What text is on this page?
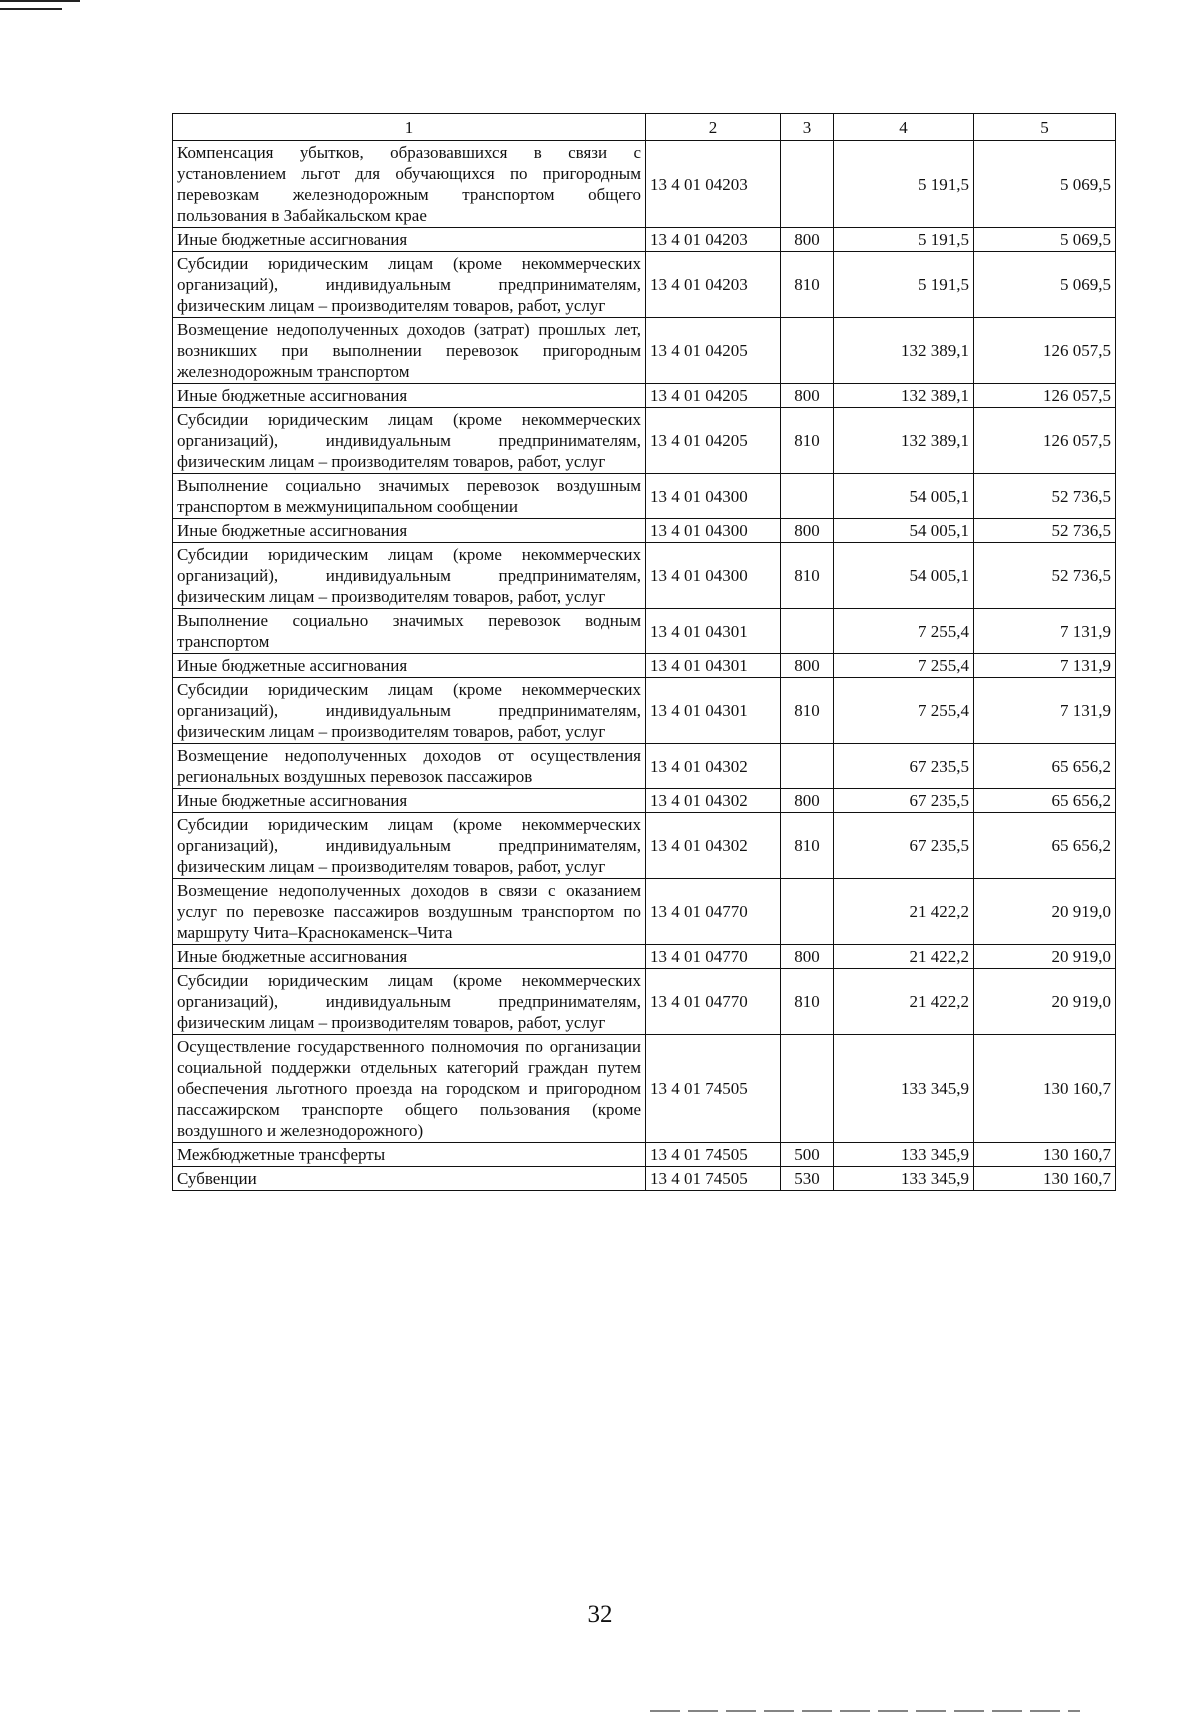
1	2	3	4	5
Компенсация убытков, образовавшихся в связи с установлением льгот для обучающихся по пригородным перевозкам железнодорожным транспортом общего пользования в Забайкальском крае	13 4 01 04203		5 191,5	5 069,5
Иные бюджетные ассигнования	13 4 01 04203	800	5 191,5	5 069,5
Субсидии юридическим лицам (кроме некоммерческих организаций), индивидуальным предпринимателям, физическим лицам – производителям товаров, работ, услуг	13 4 01 04203	810	5 191,5	5 069,5
Возмещение недополученных доходов (затрат) прошлых лет, возникших при выполнении перевозок пригородным железнодорожным транспортом	13 4 01 04205		132 389,1	126 057,5
Иные бюджетные ассигнования	13 4 01 04205	800	132 389,1	126 057,5
Субсидии юридическим лицам (кроме некоммерческих организаций), индивидуальным предпринимателям, физическим лицам – производителям товаров, работ, услуг	13 4 01 04205	810	132 389,1	126 057,5
Выполнение социально значимых перевозок воздушным транспортом в межмуниципальном сообщении	13 4 01 04300		54 005,1	52 736,5
Иные бюджетные ассигнования	13 4 01 04300	800	54 005,1	52 736,5
Субсидии юридическим лицам (кроме некоммерческих организаций), индивидуальным предпринимателям, физическим лицам – производителям товаров, работ, услуг	13 4 01 04300	810	54 005,1	52 736,5
Выполнение социально значимых перевозок водным транспортом	13 4 01 04301		7 255,4	7 131,9
Иные бюджетные ассигнования	13 4 01 04301	800	7 255,4	7 131,9
Субсидии юридическим лицам (кроме некоммерческих организаций), индивидуальным предпринимателям, физическим лицам – производителям товаров, работ, услуг	13 4 01 04301	810	7 255,4	7 131,9
Возмещение недополученных доходов от осуществления региональных воздушных перевозок пассажиров	13 4 01 04302		67 235,5	65 656,2
Иные бюджетные ассигнования	13 4 01 04302	800	67 235,5	65 656,2
Субсидии юридическим лицам (кроме некоммерческих организаций), индивидуальным предпринимателям, физическим лицам – производителям товаров, работ, услуг	13 4 01 04302	810	67 235,5	65 656,2
Возмещение недополученных доходов в связи с оказанием услуг по перевозке пассажиров воздушным транспортом по маршруту Чита–Краснокаменск–Чита	13 4 01 04770		21 422,2	20 919,0
Иные бюджетные ассигнования	13 4 01 04770	800	21 422,2	20 919,0
Субсидии юридическим лицам (кроме некоммерческих организаций), индивидуальным предпринимателям, физическим лицам – производителям товаров, работ, услуг	13 4 01 04770	810	21 422,2	20 919,0
Осуществление государственного полномочия по организации социальной поддержки отдельных категорий граждан путем обеспечения льготного проезда на городском и пригородном пассажирском транспорте общего пользования (кроме воздушного и железнодорожного)	13 4 01 74505		133 345,9	130 160,7
Межбюджетные трансферты	13 4 01 74505	500	133 345,9	130 160,7
Субвенции	13 4 01 74505	530	133 345,9	130 160,7
32
